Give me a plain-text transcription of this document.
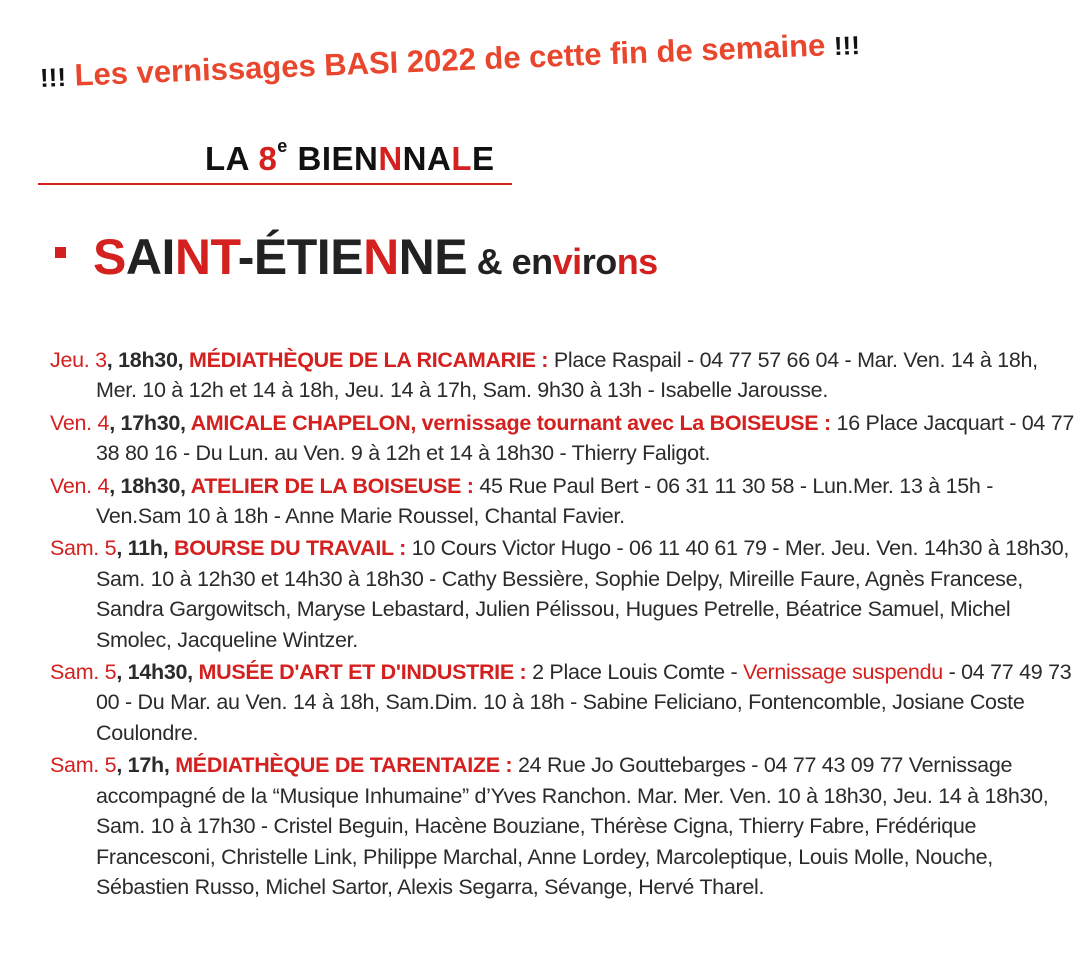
!!! Les vernissages BASI 2022 de cette fin de semaine !!!
LA 8e BIENNNALE
SAINT-ÉTIENNE & environs

Jeu. 3, 18h30, MÉDIATHÈQUE DE LA RICAMARIE : Place Raspail - 04 77 57 66 04 - Mar. Ven. 14 à 18h, Mer. 10 à 12h et 14 à 18h, Jeu. 14 à 17h, Sam. 9h30 à 13h - Isabelle Jarousse.

Ven. 4, 17h30, AMICALE CHAPELON, vernissage tournant avec La BOISEUSE : 16 Place Jacquart - 04 77 38 80 16 - Du Lun. au Ven. 9 à 12h et 14 à 18h30 - Thierry Faligot.

Ven. 4, 18h30, ATELIER DE LA BOISEUSE : 45 Rue Paul Bert - 06 31 11 30 58 - Lun.Mer. 13 à 15h - Ven.Sam 10 à 18h - Anne Marie Roussel, Chantal Favier.

Sam. 5, 11h, BOURSE DU TRAVAIL : 10 Cours Victor Hugo - 06 11 40 61 79 - Mer. Jeu. Ven. 14h30 à 18h30, Sam. 10 à 12h30 et 14h30 à 18h30 - Cathy Bessière, Sophie Delpy, Mireille Faure, Agnès Francese, Sandra Gargowitsch, Maryse Lebastard, Julien Pélissou, Hugues Petrelle, Béatrice Samuel, Michel Smolec, Jacqueline Wintzer.

Sam. 5, 14h30, MUSÉE D'ART ET D'INDUSTRIE : 2 Place Louis Comte - Vernissage suspendu - 04 77 49 73 00 - Du Mar. au Ven. 14 à 18h, Sam.Dim. 10 à 18h - Sabine Feliciano, Fontencomble, Josiane Coste Coulondre.

Sam. 5, 17h, MÉDIATHÈQUE DE TARENTAIZE : 24 Rue Jo Gouttebarges - 04 77 43 09 77 Vernissage accompagné de la “Musique Inhumaine” d’Yves Ranchon. Mar. Mer. Ven. 10 à 18h30, Jeu. 14 à 18h30, Sam. 10 à 17h30 - Cristel Beguin, Hacène Bouziane, Thérèse Cigna, Thierry Fabre, Frédérique Francesconi, Christelle Link, Philippe Marchal, Anne Lordey, Marcoleptique, Louis Molle, Nouche, Sébastien Russo, Michel Sartor, Alexis Segarra, Sévange, Hervé Tharel.
